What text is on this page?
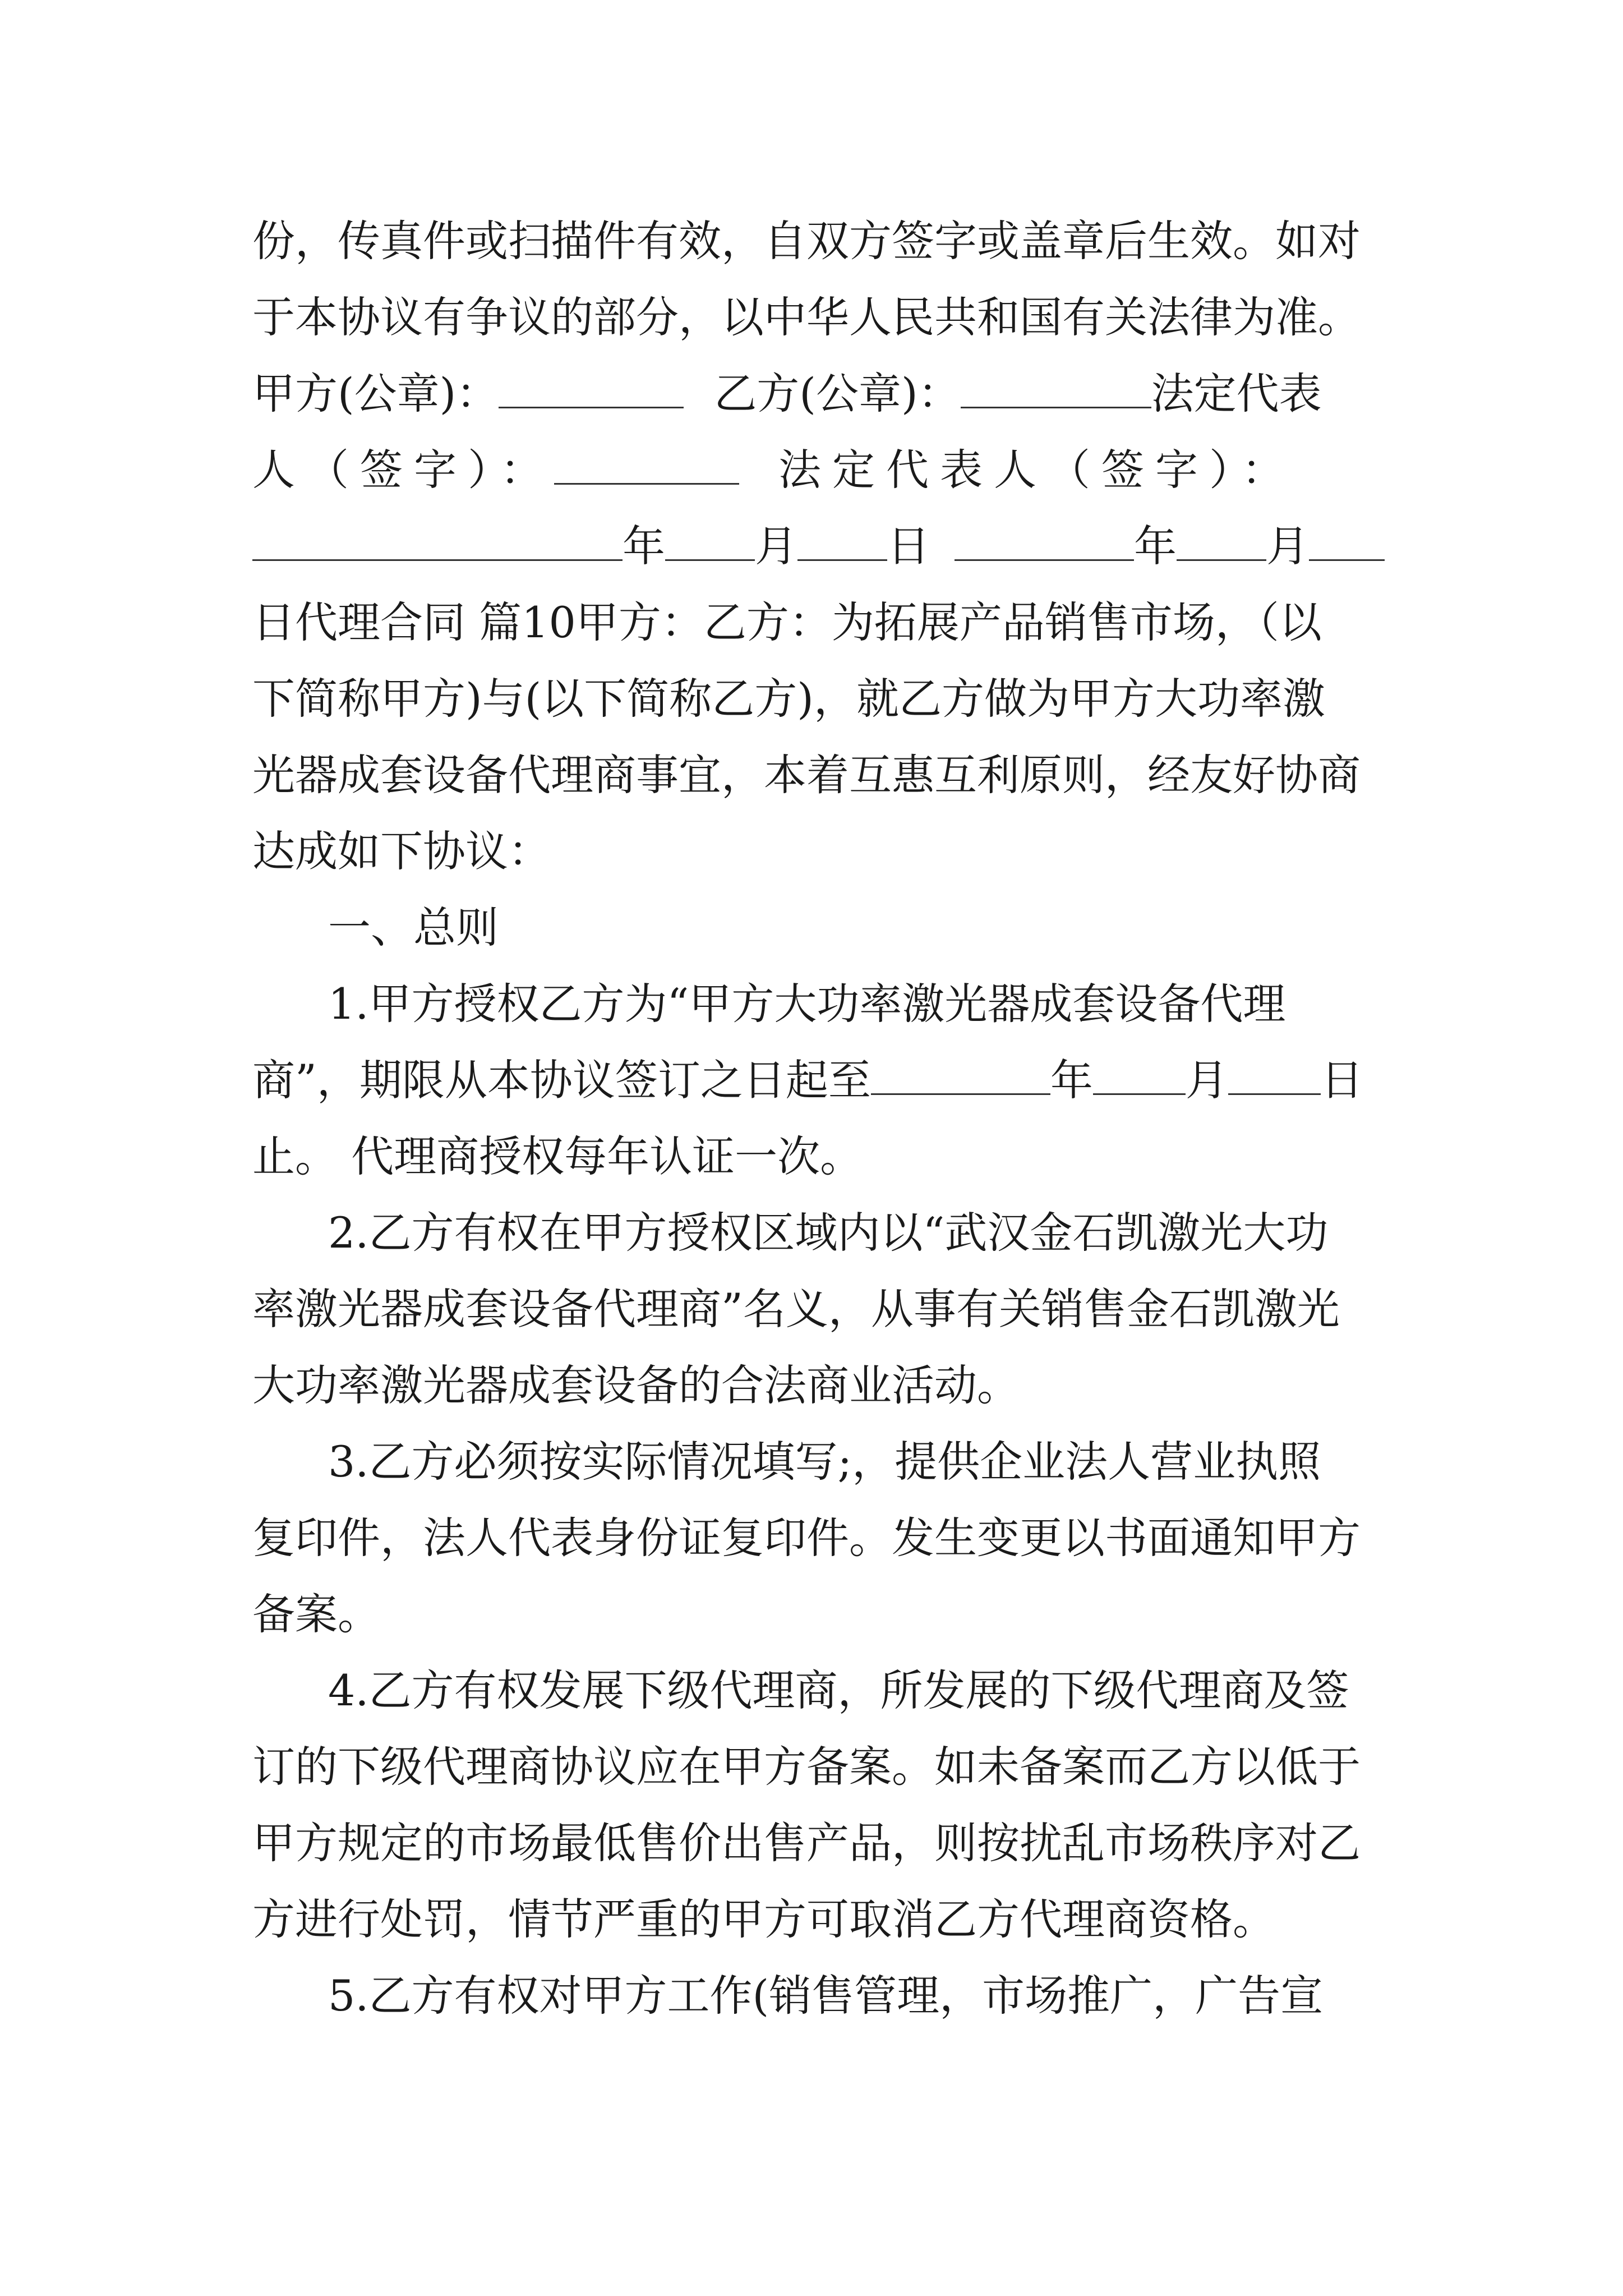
份，传真件或扫描件有效，自双方签字或盖章后生效。如对
于本协议有争议的部分，以中华人民共和国有关法律为准。
甲方(公章)：	乙方(公章)：	法定代表
人（签字）：	法定代表人（签字）：
年 月 日	年 月
日代理合同 篇10甲方：乙方：为拓展产品销售市场，（以
下简称甲方)与(以下简称乙方)，就乙方做为甲方大功率激
光器成套设备代理商事宜，本着互惠互利原则，经友好协商
达成如下协议：
一、总则
1.甲方授权乙方为“甲方大功率激光器成套设备代理
商”，期限从本协议签订之日起至	年 月 日
止。 代理商授权每年认证一次。
2.乙方有权在甲方授权区域内以“武汉金石凯激光大功
率激光器成套设备代理商”名义，从事有关销售金石凯激光
大功率激光器成套设备的合法商业活动。
3.乙方必须按实际情况填写;，提供企业法人营业执照
复印件，法人代表身份证复印件。发生变更以书面通知甲方
备案。
4.乙方有权发展下级代理商，所发展的下级代理商及签
订的下级代理商协议应在甲方备案。如未备案而乙方以低于
甲方规定的市场最低售价出售产品，则按扰乱市场秩序对乙
方进行处罚，情节严重的甲方可取消乙方代理商资格。
5.乙方有权对甲方工作(销售管理，市场推广，广告宣
